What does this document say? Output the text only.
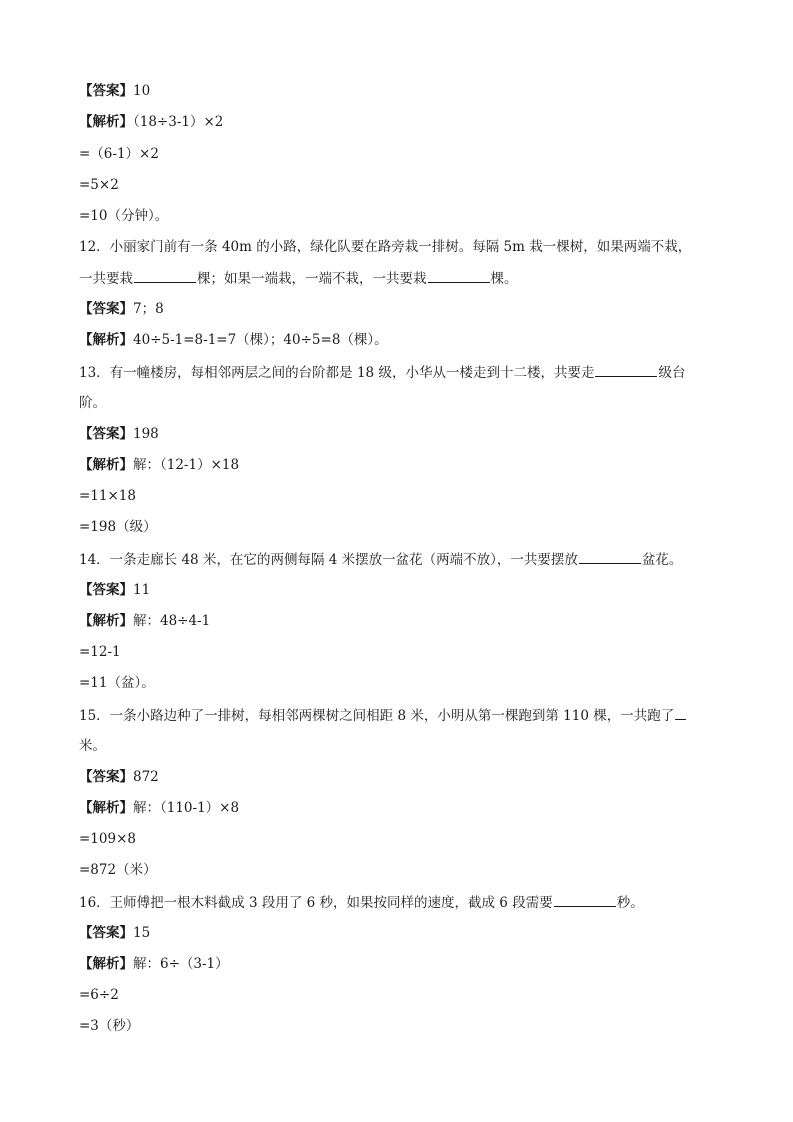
【答案】10
【解析】（18÷3-1）×2
=（6-1）×2
=5×2
=10（分钟）。
12．小丽家门前有一条 40m 的小路，绿化队要在路旁栽一排树。每隔 5m 栽一棵树，如果两端不栽，
一共要栽	棵；如果一端栽，一端不栽，一共要栽	棵。
【答案】7；8
【解析】40÷5-1=8-1=7（棵）；40÷5=8（棵）。
13．有一幢楼房，每相邻两层之间的台阶都是 18 级，小华从一楼走到十二楼，共要走	级台
阶。
【答案】198
【解析】解：（12-1）×18
=11×18
=198（级）
14．一条走廊长 48 米，在它的两侧每隔 4 米摆放一盆花（两端不放），一共要摆放	盆花。
【答案】11
【解析】解：48÷4-1
=12-1
=11（盆）。
15．一条小路边种了一排树，每相邻两棵树之间相距 8 米，小明从第一棵跑到第 110 棵，一共跑了
米。
【答案】872
【解析】解：（110-1）×8
=109×8
=872（米）
16．王师傅把一根木料截成 3 段用了 6 秒，如果按同样的速度，截成 6 段需要	秒。
【答案】15
【解析】解：6÷（3-1）
=6÷2
=3（秒）
